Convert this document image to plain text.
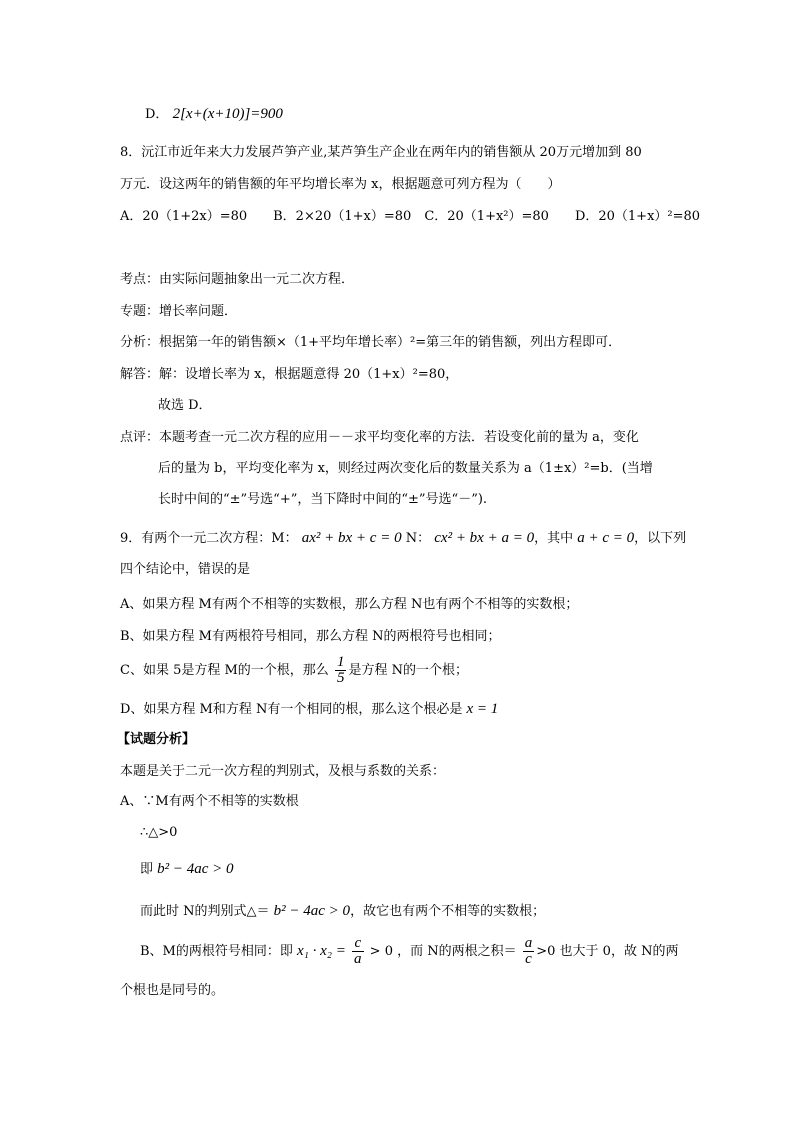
D． 2[x+(x+10)]=900
8．沅江市近年来大力发展芦笋产业,某芦笋生产企业在两年内的销售额从 20万元增加到 80
万元．设这两年的销售额的年平均增长率为 x，根据题意可列方程为（　　）
A．20（1+2x）=80　　B．2×20（1+x）=80　C．20（1+x²）=80　　D．20（1+x）²=80
考点：由实际问题抽象出一元二次方程．
专题：增长率问题．
分析：根据第一年的销售额×（1+平均年增长率）²=第三年的销售额，列出方程即可．
解答：解：设增长率为 x，根据题意得 20（1+x）²=80，
故选 D．
点评：本题考查一元二次方程的应用－－求平均变化率的方法．若设变化前的量为 a，变化
后的量为 b，平均变化率为 x，则经过两次变化后的数量关系为 a（1±x）²=b．(当增
长时中间的“±”号选“+”，当下降时中间的“±”号选“－”).
9．有两个一元二次方程：M： ax² + bx + c = 0 N： cx² + bx + a = 0，其中 a + c = 0，以下列
四个结论中，错误的是
A、如果方程 M有两个不相等的实数根，那么方程 N也有两个不相等的实数根；
B、如果方程 M有两根符号相同，那么方程 N的两根符号也相同；
C、如果 5是方程 M的一个根，那么 $\frac{1}{5}$ 是方程 N的一个根；
D、如果方程 M和方程 N有一个相同的根，那么这个根必是 x = 1
【试题分析】
本题是关于二元一次方程的判别式，及根与系数的关系：
A、∵M有两个不相等的实数根
∴△>0
即 b² − 4ac > 0
而此时 N的判别式△＝ b² − 4ac > 0，故它也有两个不相等的实数根；
B、M的两根符号相同：即 $x_1 \cdot x_2 = \frac{c}{a} > 0$ ，而 N的两根之积＝ $\frac{a}{c} >0$ 也大于 0，故 N的两
个根也是同号的。
